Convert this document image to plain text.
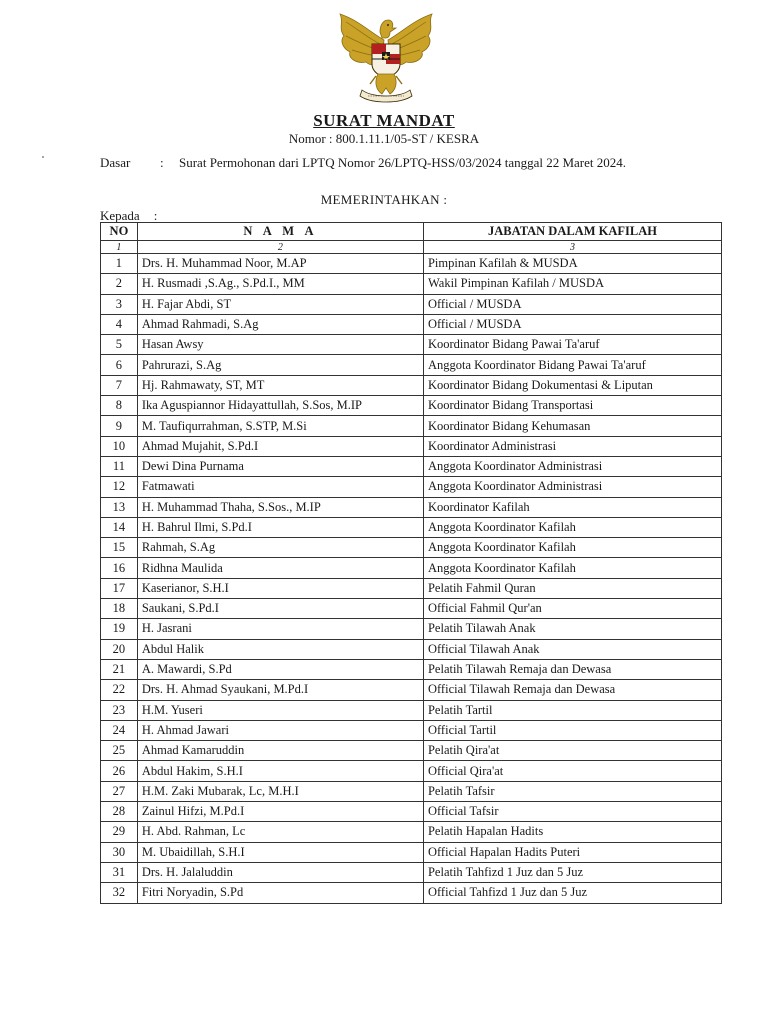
SURAT MANDAT
Nomor : 800.1.11.1/05-ST / KESRA
Dasar : Surat Permohonan dari LPTQ Nomor 26/LPTQ-HSS/03/2024 tanggal 22 Maret 2024.
MEMERINTAHKAN :
Kepada :
NO	N A M A	JABATAN DALAM KAFILAH
1	2	3
1	Drs. H. Muhammad Noor, M.AP	Pimpinan Kafilah & MUSDA
2	H. Rusmadi ,S.Ag., S.Pd.I., MM	Wakil Pimpinan Kafilah / MUSDA
3	H. Fajar Abdi, ST	Official / MUSDA
4	Ahmad Rahmadi, S.Ag	Official / MUSDA
5	Hasan Awsy	Koordinator Bidang Pawai Ta'aruf
6	Pahrurazi, S.Ag	Anggota Koordinator Bidang Pawai Ta'aruf
7	Hj. Rahmawaty, ST, MT	Koordinator Bidang Dokumentasi & Liputan
8	Ika Aguspiannor Hidayattullah, S.Sos, M.IP	Koordinator Bidang Transportasi
9	M. Taufiqurrahman, S.STP, M.Si	Koordinator Bidang Kehumasan
10	Ahmad Mujahit, S.Pd.I	Koordinator Administrasi
11	Dewi Dina Purnama	Anggota Koordinator Administrasi
12	Fatmawati	Anggota Koordinator Administrasi
13	H. Muhammad Thaha, S.Sos., M.IP	Koordinator Kafilah
14	H. Bahrul Ilmi, S.Pd.I	Anggota Koordinator Kafilah
15	Rahmah, S.Ag	Anggota Koordinator Kafilah
16	Ridhna Maulida	Anggota Koordinator Kafilah
17	Kaserianor, S.H.I	Pelatih Fahmil Quran
18	Saukani, S.Pd.I	Official Fahmil Qur'an
19	H. Jasrani	Pelatih Tilawah Anak
20	Abdul Halik	Official Tilawah Anak
21	A. Mawardi, S.Pd	Pelatih Tilawah Remaja dan Dewasa
22	Drs. H. Ahmad Syaukani, M.Pd.I	Official Tilawah Remaja dan Dewasa
23	H.M. Yuseri	Pelatih Tartil
24	H. Ahmad Jawari	Official Tartil
25	Ahmad Kamaruddin	Pelatih Qira'at
26	Abdul Hakim, S.H.I	Official Qira'at
27	H.M. Zaki Mubarak, Lc, M.H.I	Pelatih Tafsir
28	Zainul Hifzi, M.Pd.I	Official Tafsir
29	H. Abd. Rahman, Lc	Pelatih Hapalan Hadits
30	M. Ubaidillah, S.H.I	Official Hapalan Hadits Puteri
31	Drs. H. Jalaluddin	Pelatih Tahfizd 1 Juz dan 5 Juz
32	Fitri Noryadin, S.Pd	Official Tahfizd 1 Juz dan 5 Juz
